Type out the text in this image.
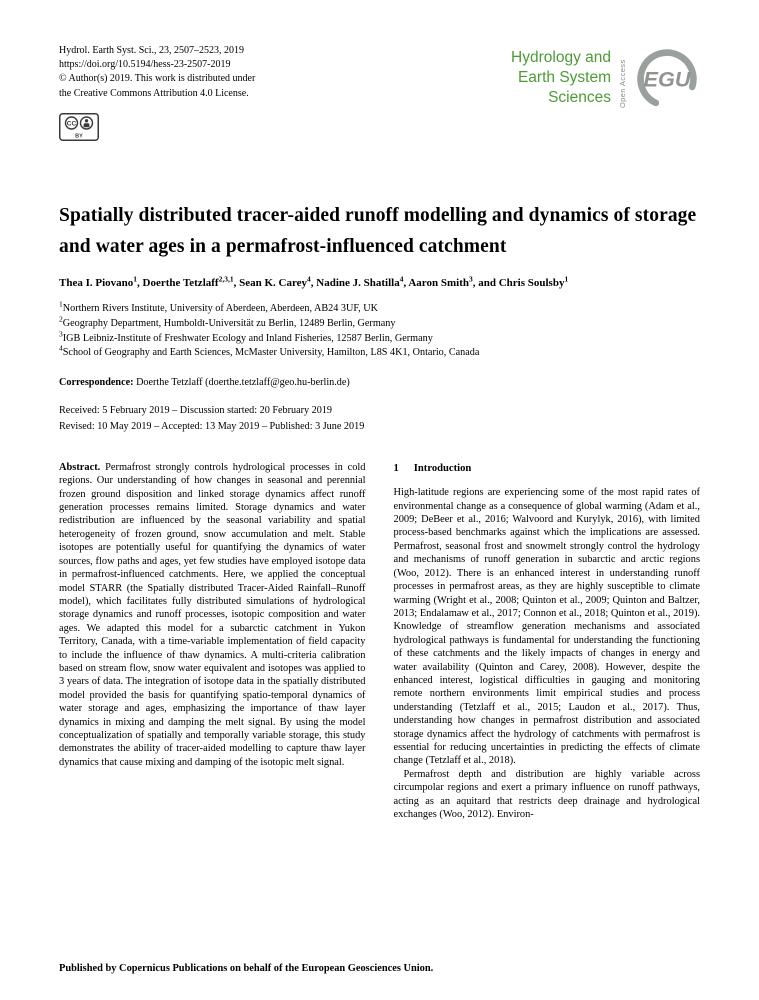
Hydrol. Earth Syst. Sci., 23, 2507–2523, 2019
https://doi.org/10.5194/hess-23-2507-2019
© Author(s) 2019. This work is distributed under
the Creative Commons Attribution 4.0 License.
CC
BY
Hydrology and
Earth System
Sciences Open Access EGU
Spatially distributed tracer-aided runoff modelling and dynamics of storage and water ages in a permafrost-influenced catchment
Thea I. Piovano$^1$, Doerthe Tetzlaff$^{2,3,1}$, Sean K. Carey$^4$, Nadine J. Shatilla$^4$, Aaron Smith$^3$, and Chris Soulsby$^1$
$^1$Northern Rivers Institute, University of Aberdeen, Aberdeen, AB24 3UF, UK
$^2$Geography Department, Humboldt-Universität zu Berlin, 12489 Berlin, Germany
$^3$IGB Leibniz-Institute of Freshwater Ecology and Inland Fisheries, 12587 Berlin, Germany
$^4$School of Geography and Earth Sciences, McMaster University, Hamilton, L8S 4K1, Ontario, Canada
Correspondence: Doerthe Tetzlaff (doerthe.tetzlaff@geo.hu-berlin.de)
Received: 5 February 2019 – Discussion started: 20 February 2019
Revised: 10 May 2019 – Accepted: 13 May 2019 – Published: 3 June 2019

Abstract. Permafrost strongly controls hydrological processes in cold regions. Our understanding of how changes in seasonal and perennial frozen ground disposition and linked storage dynamics affect runoff generation processes remains limited. Storage dynamics and water redistribution are influenced by the seasonal variability and spatial heterogeneity of frozen ground, snow accumulation and melt. Stable isotopes are potentially useful for quantifying the dynamics of water sources, flow paths and ages, yet few studies have employed isotope data in permafrost-influenced catchments. Here, we applied the conceptual model STARR (the Spatially distributed Tracer-Aided Rainfall–Runoff model), which facilitates fully distributed simulations of hydrological storage dynamics and runoff processes, isotopic composition and water ages. We adapted this model for a subarctic catchment in Yukon Territory, Canada, with a time-variable implementation of field capacity to include the influence of thaw dynamics. A multi-criteria calibration based on stream flow, snow water equivalent and isotopes was applied to 3 years of data. The integration of isotope data in the spatially distributed model provided the basis for quantifying spatio-temporal dynamics of water storage and ages, emphasizing the importance of thaw layer dynamics in mixing and damping the melt signal. By using the model conceptualization of spatially and temporally variable storage, this study demonstrates the ability of tracer-aided modelling to capture thaw layer dynamics that cause mixing and damping of the isotopic melt signal.

1 Introduction

High-latitude regions are experiencing some of the most rapid rates of environmental change as a consequence of global warming (Adam et al., 2009; DeBeer et al., 2016; Walvoord and Kurylyk, 2016), with limited process-based benchmarks against which the implications are assessed. Permafrost, seasonal frost and snowmelt strongly control the hydrology and mechanisms of runoff generation in subarctic and arctic regions (Woo, 2012). There is an enhanced interest in understanding runoff processes in permafrost areas, as they are highly susceptible to climate warming (Wright et al., 2008; Quinton et al., 2009; Quinton and Baltzer, 2013; Endalamaw et al., 2017; Connon et al., 2018; Quinton et al., 2019). Knowledge of streamflow generation mechanisms and associated hydrological pathways is fundamental for understanding the functioning of these catchments and the likely impacts of changes in energy and water availability (Quinton and Carey, 2008). However, despite the enhanced interest, logistical difficulties in gauging and monitoring remote northern environments limit empirical studies and process understanding (Tetzlaff et al., 2015; Laudon et al., 2017). Thus, understanding how changes in permafrost distribution and associated storage dynamics affect the hydrology of catchments with permafrost is essential for reducing uncertainties in predicting the effects of climate change (Tetzlaff et al., 2018).

Permafrost depth and distribution are highly variable across circumpolar regions and exert a primary influence on runoff pathways, acting as an aquitard that restricts deep drainage and hydrological exchanges (Woo, 2012). Environ-

Published by Copernicus Publications on behalf of the European Geosciences Union.
